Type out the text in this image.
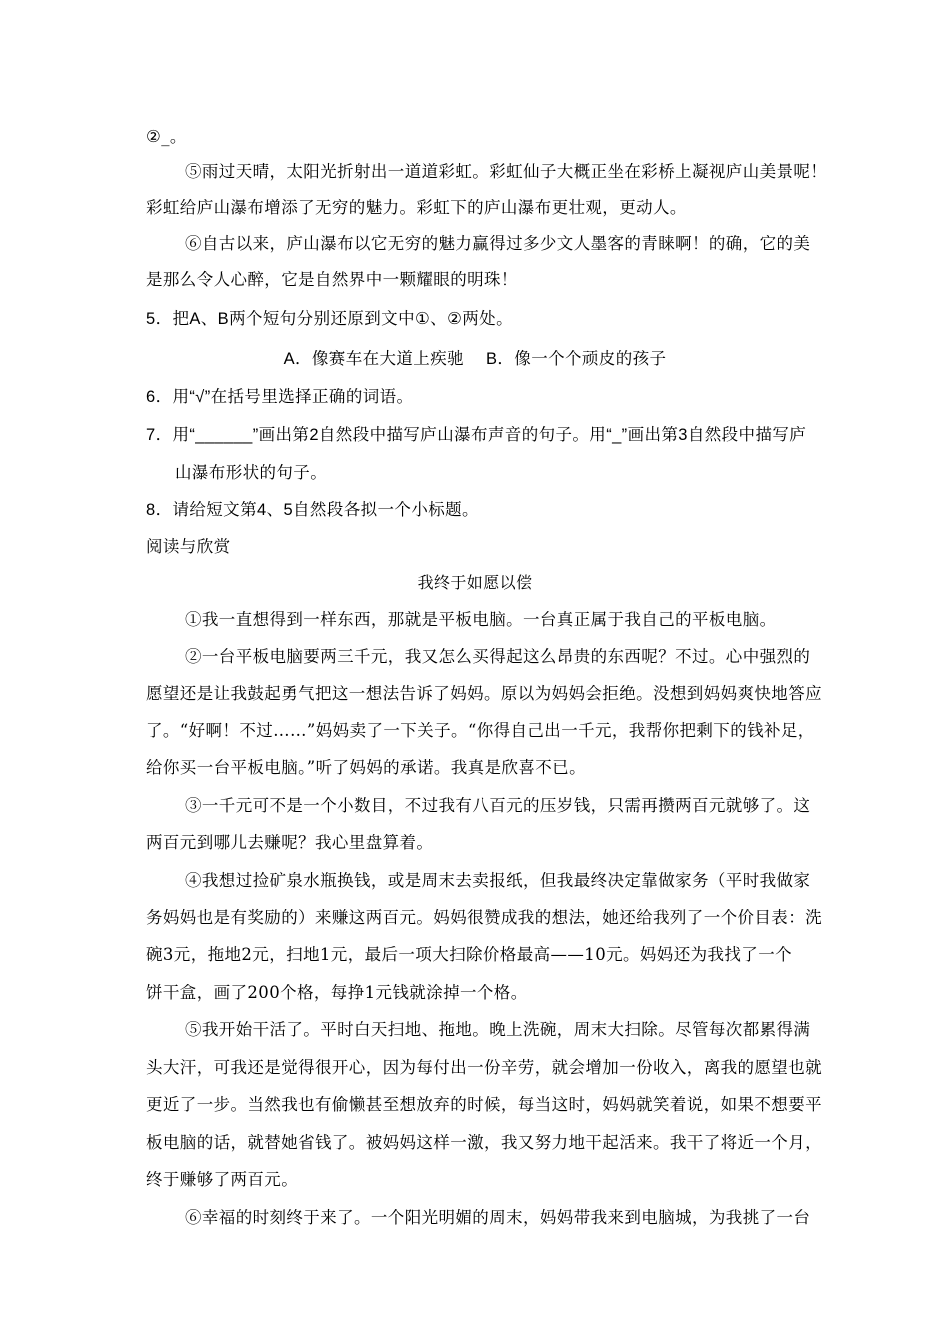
②_。
⑤雨过天晴，太阳光折射出一道道彩虹。彩虹仙子大概正坐在彩桥上凝视庐山美景呢！
彩虹给庐山瀑布增添了无穷的魅力。彩虹下的庐山瀑布更壮观，更动人。
⑥自古以来，庐山瀑布以它无穷的魅力赢得过多少文人墨客的青睐啊！的确，它的美
是那么令人心醉，它是自然界中一颗耀眼的明珠！
5．把A、B两个短句分别还原到文中①、②两处。
A．像赛车在大道上疾驰 B．像一个个顽皮的孩子
6．用“√”在括号里选择正确的词语。
7．用“______”画出第2自然段中描写庐山瀑布声音的句子。用“_”画出第3自然段中描写庐
山瀑布形状的句子。
8．请给短文第4、5自然段各拟一个小标题。
阅读与欣赏
我终于如愿以偿
①我一直想得到一样东西，那就是平板电脑。一台真正属于我自己的平板电脑。
②一台平板电脑要两三千元，我又怎么买得起这么昂贵的东西呢？不过。心中强烈的
愿望还是让我鼓起勇气把这一想法告诉了妈妈。原以为妈妈会拒绝。没想到妈妈爽快地答应
了。“好啊！不过……”妈妈卖了一下关子。“你得自己出一千元，我帮你把剩下的钱补足，
给你买一台平板电脑。”听了妈妈的承诺。我真是欣喜不已。
③一千元可不是一个小数目，不过我有八百元的压岁钱，只需再攒两百元就够了。这
两百元到哪儿去赚呢？我心里盘算着。
④我想过捡矿泉水瓶换钱，或是周末去卖报纸，但我最终决定靠做家务（平时我做家
务妈妈也是有奖励的）来赚这两百元。妈妈很赞成我的想法，她还给我列了一个价目表：洗
碗3元，拖地2元，扫地1元，最后一项大扫除价格最高——10元。妈妈还为我找了一个
饼干盒，画了200个格，每挣1元钱就涂掉一个格。
⑤我开始干活了。平时白天扫地、拖地。晚上洗碗，周末大扫除。尽管每次都累得满
头大汗，可我还是觉得很开心，因为每付出一份辛劳，就会增加一份收入，离我的愿望也就
更近了一步。当然我也有偷懒甚至想放弃的时候，每当这时，妈妈就笑着说，如果不想要平
板电脑的话，就替她省钱了。被妈妈这样一激，我又努力地干起活来。我干了将近一个月，
终于赚够了两百元。
⑥幸福的时刻终于来了。一个阳光明媚的周末，妈妈带我来到电脑城，为我挑了一台
